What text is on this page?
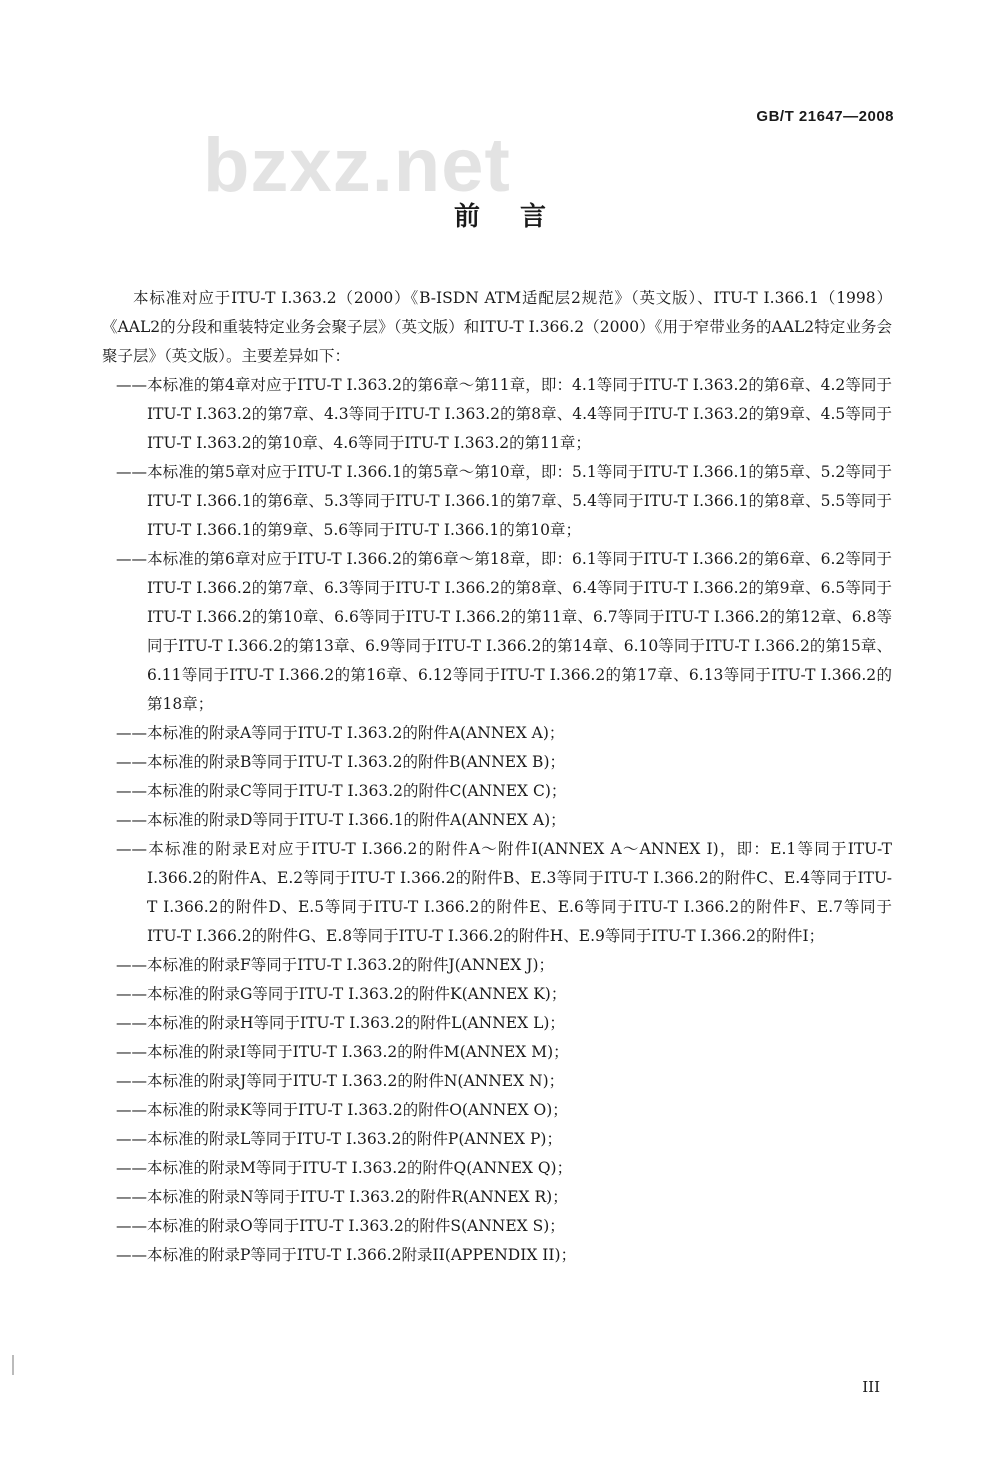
bzxz.net
GB/T 21647—2008
前言

本标准对应于ITU-T I.363.2（2000）《B-ISDN ATM适配层2规范》（英文版）、ITU-T I.366.1（1998）《AAL2的分段和重装特定业务会聚子层》（英文版）和ITU-T I.366.2（2000）《用于窄带业务的AAL2特定业务会聚子层》（英文版）。主要差异如下：

——本标准的第4章对应于ITU-T I.363.2的第6章～第11章，即：4.1等同于ITU-T I.363.2的第6章、4.2等同于ITU-T I.363.2的第7章、4.3等同于ITU-T I.363.2的第8章、4.4等同于ITU-T I.363.2的第9章、4.5等同于ITU-T I.363.2的第10章、4.6等同于ITU-T I.363.2的第11章；
——本标准的第5章对应于ITU-T I.366.1的第5章～第10章，即：5.1等同于ITU-T I.366.1的第5章、5.2等同于ITU-T I.366.1的第6章、5.3等同于ITU-T I.366.1的第7章、5.4等同于ITU-T I.366.1的第8章、5.5等同于ITU-T I.366.1的第9章、5.6等同于ITU-T I.366.1的第10章；
——本标准的第6章对应于ITU-T I.366.2的第6章～第18章，即：6.1等同于ITU-T I.366.2的第6章、6.2等同于ITU-T I.366.2的第7章、6.3等同于ITU-T I.366.2的第8章、6.4等同于ITU-T I.366.2的第9章、6.5等同于ITU-T I.366.2的第10章、6.6等同于ITU-T I.366.2的第11章、6.7等同于ITU-T I.366.2的第12章、6.8等同于ITU-T I.366.2的第13章、6.9等同于ITU-T I.366.2的第14章、6.10等同于ITU-T I.366.2的第15章、6.11等同于ITU-T I.366.2的第16章、6.12等同于ITU-T I.366.2的第17章、6.13等同于ITU-T I.366.2的第18章；
——本标准的附录A等同于ITU-T I.363.2的附件A(ANNEX A)；
——本标准的附录B等同于ITU-T I.363.2的附件B(ANNEX B)；
——本标准的附录C等同于ITU-T I.363.2的附件C(ANNEX C)；
——本标准的附录D等同于ITU-T I.366.1的附件A(ANNEX A)；
——本标准的附录E对应于ITU-T I.366.2的附件A～附件I(ANNEX A～ANNEX I)，即：E.1等同于ITU-T I.366.2的附件A、E.2等同于ITU-T I.366.2的附件B、E.3等同于ITU-T I.366.2的附件C、E.4等同于ITU-T I.366.2的附件D、E.5等同于ITU-T I.366.2的附件E、E.6等同于ITU-T I.366.2的附件F、E.7等同于ITU-T I.366.2的附件G、E.8等同于ITU-T I.366.2的附件H、E.9等同于ITU-T I.366.2的附件I；
——本标准的附录F等同于ITU-T I.363.2的附件J(ANNEX J)；
——本标准的附录G等同于ITU-T I.363.2的附件K(ANNEX K)；
——本标准的附录H等同于ITU-T I.363.2的附件L(ANNEX L)；
——本标准的附录I等同于ITU-T I.363.2的附件M(ANNEX M)；
——本标准的附录J等同于ITU-T I.363.2的附件N(ANNEX N)；
——本标准的附录K等同于ITU-T I.363.2的附件O(ANNEX O)；
——本标准的附录L等同于ITU-T I.363.2的附件P(ANNEX P)；
——本标准的附录M等同于ITU-T I.363.2的附件Q(ANNEX Q)；
——本标准的附录N等同于ITU-T I.363.2的附件R(ANNEX R)；
——本标准的附录O等同于ITU-T I.363.2的附件S(ANNEX S)；
——本标准的附录P等同于ITU-T I.366.2附录II(APPENDIX II)；
III
